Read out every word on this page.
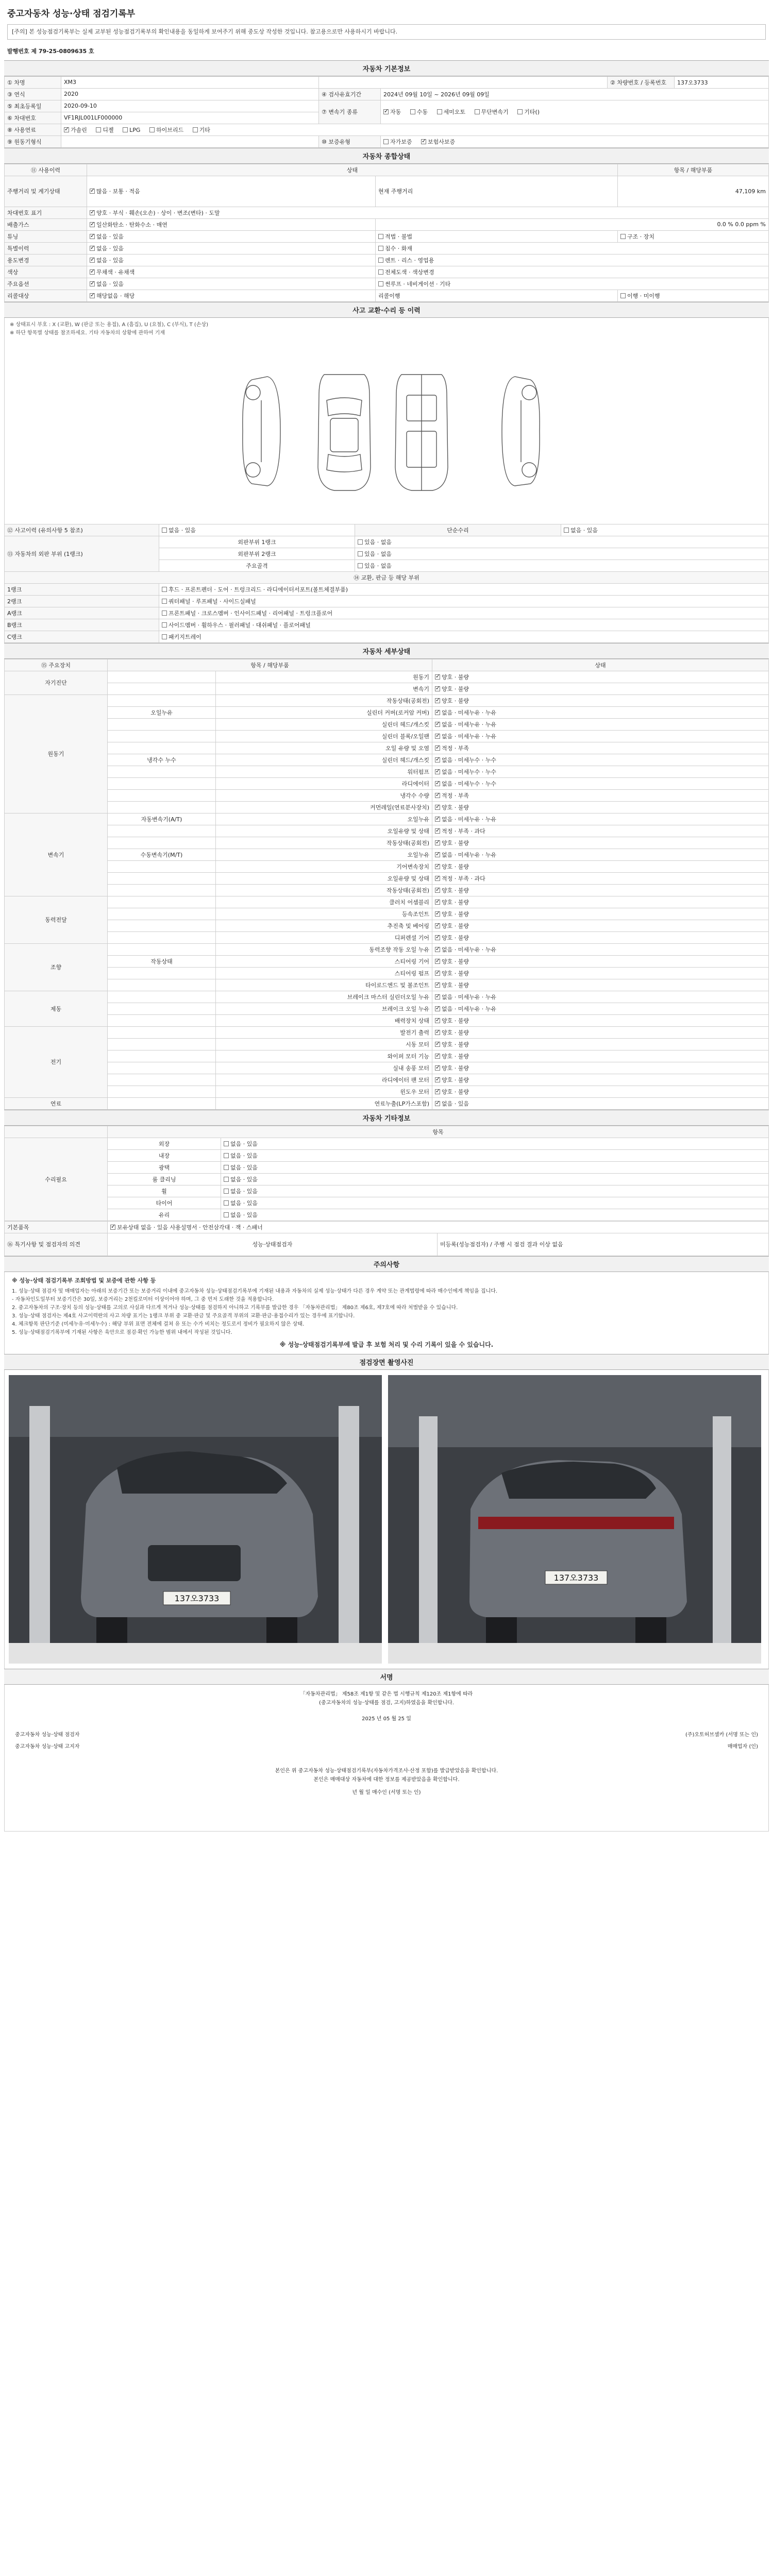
중고자동차 성능·상태 점검기록부
[주의] 본 성능점검기록부는 실제 교부된 성능점검기록부의 확인내용을 동일하게 보여주기 위해 중도상 작성한 것입니다. 참고용으로만 사용하시기 바랍니다.
발행번호 제 79-25-0809635 호
자동차 기본정보
① 차명	XM3			② 차량번호 / 등록번호	137오3733
③ 연식	2020	④ 검사유효기간	2024년 09월 10일 ~ 2026년 09월 09일		
⑤ 최초등록일	2020-09-10	⑦ 변속기 종류	✓자동 수동 세미오토 무단변속기 기타()
⑥ 차대번호	VF1RJL001LF000000				
⑧ 사용연료	✓가솔린 디젤 LPG 하이브리드 기타
⑨ 원동기형식		⑩ 보증유형	자가보증 ✓ 보험사보증
자동차 종합상태
⑪ 사용이력	상태		항목 / 해당부품
주행거리 및 계기상태	✓많음 · 보통 · 적음	현재 주행거리	47,109 km
차대번호 표기	✓양호 · 부식 · 훼손(오손) · 상이 · 변조(변타) · 도말
배출가스	✓일산화탄소 · 탄화수소 · 매연	0.0 % 0.0 ppm %	
튜닝	✓없음 · 있음	적법 · 불법	구조 · 장치
특별이력	✓없음 · 있음	침수 · 화재	
용도변경	✓없음 · 있음	렌트 · 리스 · 영업용	
색상	✓무채색 · 유채색	전체도색 · 색상변경	
주요옵션	✓없음 · 있음	썬루프 · 네비게이션 · 기타	
리콜대상	✓해당없음 · 해당	리콜이행	이행 · 미이행
사고 교환·수리 등 이력
※ 상태표시 부호 : X (교환), W (판금 또는 용접), A (흠집), U (요철), C (부식), T (손상)
※ 하단 항목별 상태를 참조하세요. 기타 자동차의 상황에 관하여 기재
⑫ 사고이력 (유의사항 5 참조)	없음 · 있음	단순수리	없음 · 있음
⑬ 자동차의 외판 부위 (1랭크)	외판부위 1랭크	있음 · 없음	
	외판부위 2랭크	있음 · 없음	
	주요골격	있음 · 없음	
⑭ 교환, 판금 등 해당 부위			
1랭크	후드 · 프론트펜더 · 도어 · 트렁크리드 · 라디에이터서포트(볼트체결부품)		
2랭크	쿼터패널 · 루프패널 · 사이드실패널		
A랭크	프론트패널 · 크로스멤버 · 인사이드패널 · 리어패널 · 트렁크플로어		
B랭크	사이드멤버 · 휠하우스 · 필러패널 · 대쉬패널 · 플로어패널		
C랭크	패키지트레이		
자동차 세부상태
⑮ 주요장치	항목 / 해당부품		상태
자기진단		원동기	✓양호 · 불량
		변속기	✓양호 · 불량
원동기		작동상태(공회전)	✓양호 · 불량
	오일누유	실린더 커버(로커암 커버)	✓없음 · 미세누유 · 누유
		실린더 헤드/개스킷	✓없음 · 미세누유 · 누유
		실린더 블록/오일팬	✓없음 · 미세누유 · 누유
		오일 유량 및 오염	✓적정 · 부족
	냉각수 누수	실린더 헤드/개스킷	✓없음 · 미세누수 · 누수
		워터펌프	✓없음 · 미세누수 · 누수
		라디에이터	✓없음 · 미세누수 · 누수
		냉각수 수량	✓적정 · 부족
		커먼레일(연료분사장치)	✓양호 · 불량
변속기	자동변속기(A/T)	오일누유	✓없음 · 미세누유 · 누유
		오일유량 및 상태	✓적정 · 부족 · 과다
		작동상태(공회전)	✓양호 · 불량
	수동변속기(M/T)	오일누유	✓없음 · 미세누유 · 누유
		기어변속장치	✓양호 · 불량
		오일유량 및 상태	✓적정 · 부족 · 과다
		작동상태(공회전)	✓양호 · 불량
동력전달		클러치 어셈블리	✓양호 · 불량
		등속조인트	✓양호 · 불량
		추진축 및 베어링	✓양호 · 불량
		디퍼렌셜 기어	✓양호 · 불량
조향		동력조향 작동 오일 누유	✓없음 · 미세누유 · 누유
	작동상태	스티어링 기어	✓양호 · 불량
		스티어링 펌프	✓양호 · 불량
		타이로드엔드 및 볼조인트	✓양호 · 불량
제동		브레이크 마스터 실린더오일 누유	✓없음 · 미세누유 · 누유
		브레이크 오일 누유	✓없음 · 미세누유 · 누유
		배력장치 상태	✓양호 · 불량
전기		발전기 출력	✓양호 · 불량
		시동 모터	✓양호 · 불량
		와이퍼 모터 기능	✓양호 · 불량
		실내 송풍 모터	✓양호 · 불량
		라디에이터 팬 모터	✓양호 · 불량
		윈도우 모터	✓양호 · 불량
연료		연료누출(LP가스포함)	✓없음 · 있음
자동차 기타정보
	항목	
수리필요	외장	없음 · 있음
	내장	없음 · 있음
	광택	없음 · 있음
	룸 클리닝	없음 · 있음
	휠	없음 · 있음
	타이어	없음 · 있음
	유리	없음 · 있음
기본품목	✓보유상태 없음 · 있음 사용설명서 · 안전삼각대 · 잭 · 스패너
⑯ 특기사항 및 점검자의 의견	성능·상태점검자	미등록(성능점검자) / 주행 시 점검 결과 이상 없음
주의사항
※ 성능·상태 점검기록부 조회방법 및 보증에 관한 사항 등
1. 성능·상태 점검자 및 매매업자는 아래의 보증기간 또는 보증거리 이내에 중고자동차 성능·상태점검기록부에 기재된 내용과 자동차의 실제 성능·상태가 다른 경우 계약 또는 관계법령에 따라 매수인에게 책임을 집니다.
- 자동차인도일부터 보증기간은 30일, 보증거리는 2천킬로미터 이상이어야 하며, 그 중 먼저 도래한 것을 적용합니다.
2. 중고자동차의 구조·장치 등의 성능·상태를 고의로 사실과 다르게 적거나 성능·상태를 점검하지 아니하고 기록부를 발급한 경우 「자동차관리법」 제80조 제6호, 제7호에 따라 처벌받을 수 있습니다.
3. 성능·상태 점검자는 제4호 사고이력란의 사고 차량 표기는 1랭크 부위 중 교환·판금 및 주요골격 부위의 교환·판금·용접수리가 있는 경우에 표기합니다.
4. 체크항목 판단기준 (미세누유·미세누수) : 해당 부위 표면 전체에 걸쳐 유 또는 수가 비치는 정도로서 정비가 필요하지 않은 상태.
5. 성능·상태점검기록부에 기재된 사항은 육안으로 점검·확인 가능한 범위 내에서 작성된 것입니다.
※ 성능·상태점검기록부에 발급 후 보험 처리 및 수리 기록이 있을 수 있습니다.
점검장면 촬영사진
137오3733
137오3733
서명
「자동차관리법」 제58조 제1항 및 같은 법 시행규칙 제120조 제1항에 따라
(중고자동차의 성능·상태를 점검, 고지)하였음을 확인합니다.
2025 년 05 월 25 일
중고자동차 성능·상태 점검자	(주)오토허브셀카 (서명 또는 인)
중고자동차 성능·상태 고지자	매매업자 (인)
본인은 위 중고자동차 성능·상태점검기록부(자동차가격조사·산정 포함)를 발급받았음을 확인합니다.
본인은 매매대상 자동차에 대한 정보를 제공받았음을 확인합니다.
년 월 일 매수인 (서명 또는 인)
